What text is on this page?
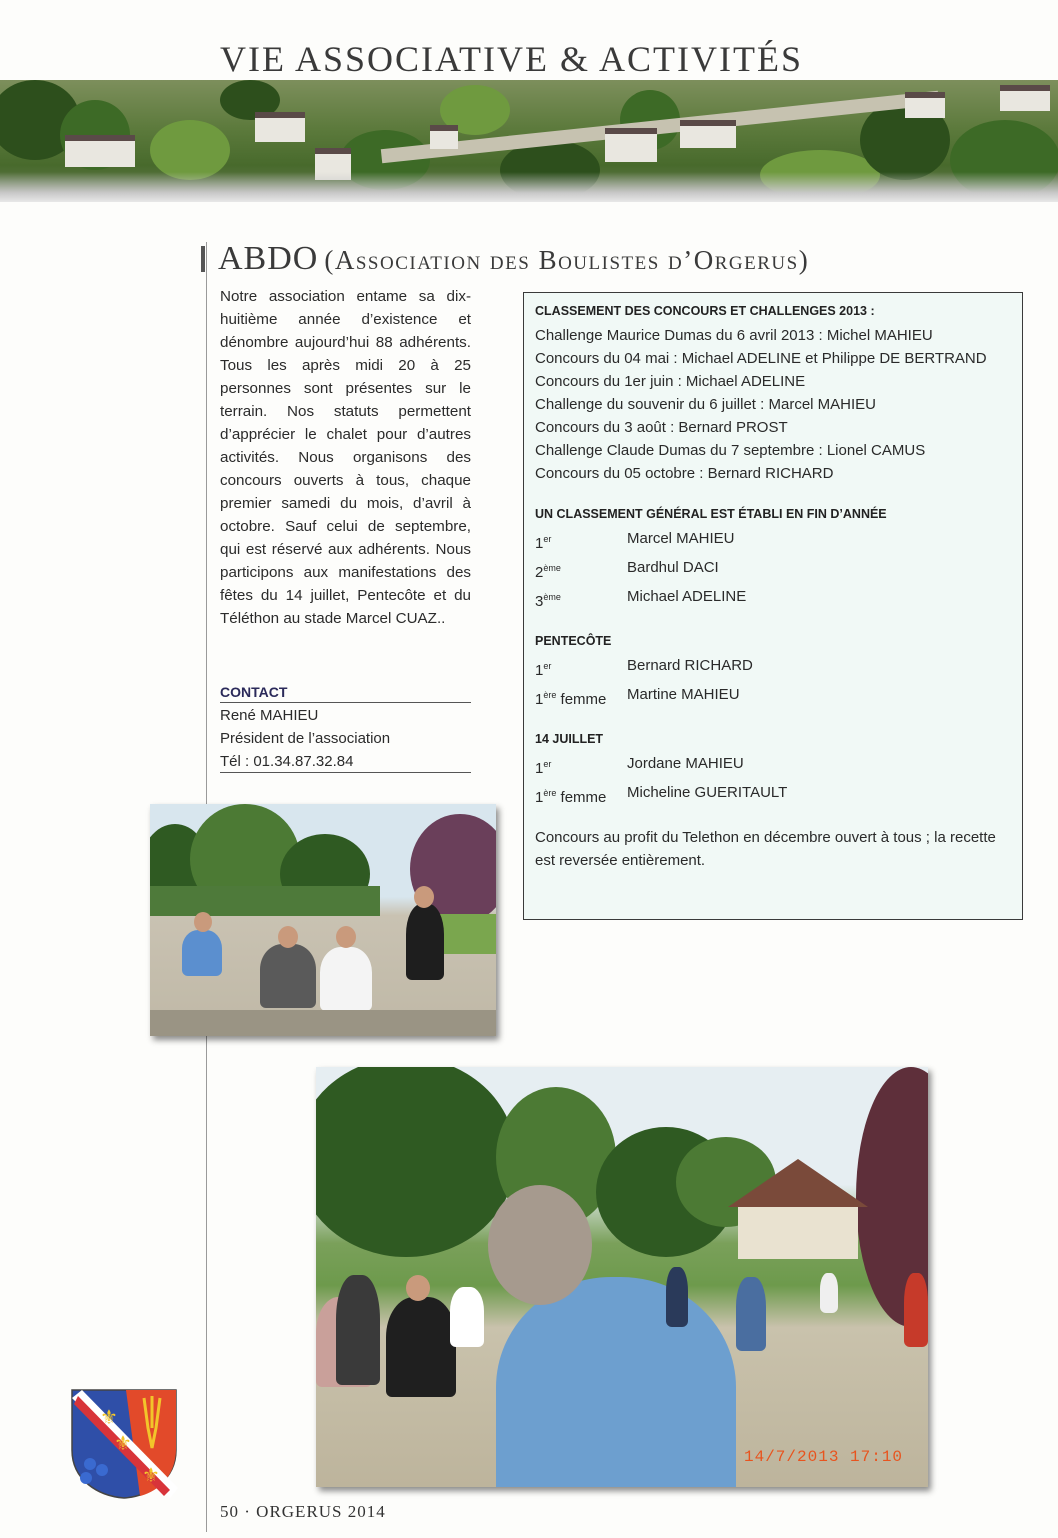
VIE ASSOCIATIVE & ACTIVITÉS
ABDO (Association des Boulistes d’Orgerus)

Notre association entame sa dix-huitième année d’existence et dénombre aujourd’hui 88 adhérents. Tous les après midi 20 à 25 personnes sont présentes sur le terrain. Nos statuts permettent d’apprécier le chalet pour d’autres activités. Nous organisons des concours ouverts à tous, chaque premier samedi du mois, d’avril à octobre. Sauf celui de septembre, qui est réservé aux adhérents. Nous participons aux manifestations des fêtes du 14 juillet, Pentecôte et du Téléthon au stade Marcel CUAZ..

CONTACT
René MAHIEU
Président de l’association
Tél : 01.34.87.32.84

CLASSEMENT DES CONCOURS ET CHALLENGES 2013 :

Challenge Maurice Dumas du 6 avril 2013 : Michel MAHIEU
Concours du 04 mai : Michael ADELINE et Philippe DE BERTRAND
Concours du 1er juin : Michael ADELINE
Challenge du souvenir du 6 juillet : Marcel MAHIEU
Concours du 3 août : Bernard PROST
Challenge Claude Dumas du 7 septembre : Lionel CAMUS
Concours du 05 octobre : Bernard RICHARD

UN CLASSEMENT GÉNÉRAL EST ÉTABLI EN FIN D’ANNÉE

1er	Marcel MAHIEU
2ème	Bardhul DACI
3ème	Michael ADELINE

PENTECÔTE

1er	Bernard RICHARD
1ère femme	Martine MAHIEU

14 JUILLET

1er	Jordane MAHIEU
1ère femme	Micheline GUERITAULT
Concours au profit du Telethon en décembre ouvert à tous ; la recette est reversée entièrement.
14/7/2013 17:10
⚜
⚜
⚜
50 · ORGERUS 2014
